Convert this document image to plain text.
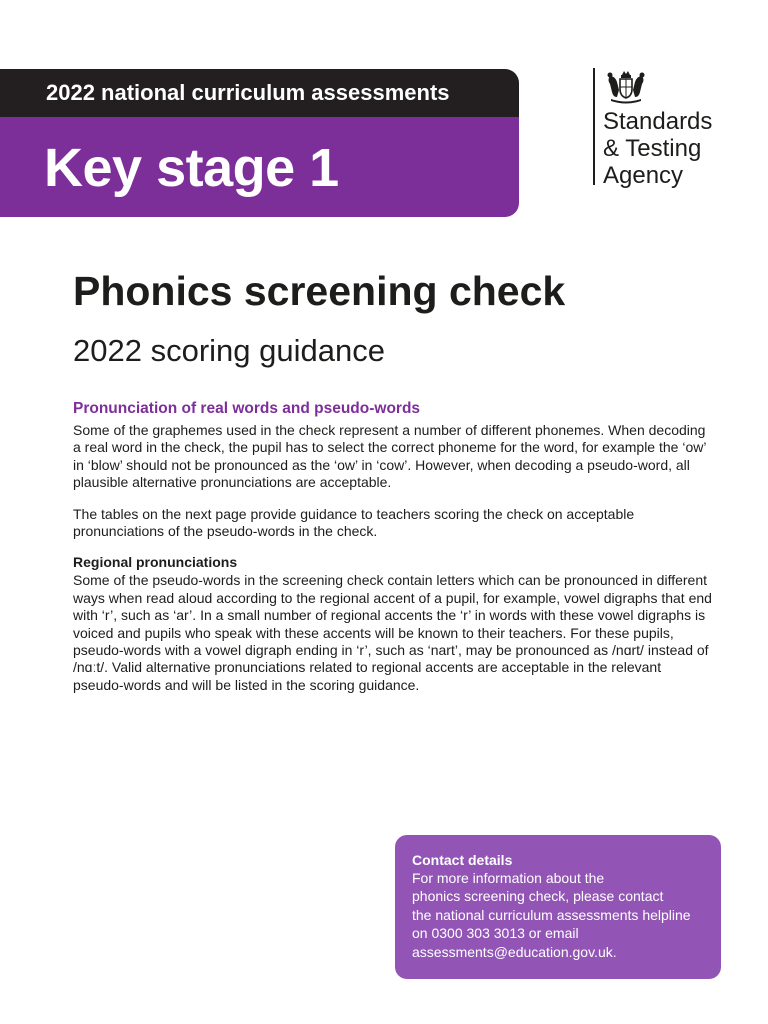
2022 national curriculum assessments
Key stage 1
Standards
& Testing
Agency
Phonics screening check
2022 scoring guidance
Pronunciation of real words and pseudo-words

Some of the graphemes used in the check represent a number of different phonemes. When decoding a real word in the check, the pupil has to select the correct phoneme for the word, for example the ‘ow’ in ‘blow’ should not be pronounced as the ‘ow’ in ‘cow’. However, when decoding a pseudo-word, all plausible alternative pronunciations are acceptable.

The tables on the next page provide guidance to teachers scoring the check on acceptable pronunciations of the pseudo-words in the check.

Regional pronunciations

Some of the pseudo-words in the screening check contain letters which can be pronounced in different ways when read aloud according to the regional accent of a pupil, for example, vowel digraphs that end with ‘r’, such as ‘ar’. In a small number of regional accents the ‘r’ in words with these vowel digraphs is voiced and pupils who speak with these accents will be known to their teachers. For these pupils, pseudo-words with a vowel digraph ending in ‘r’, such as ‘nart’, may be pronounced as /nɑrt/ instead of /nɑːt/. Valid alternative pronunciations related to regional accents are acceptable in the relevant pseudo-words and will be listed in the scoring guidance.

Contact details
For more information about the
phonics screening check, please contact
the national curriculum assessments helpline
on 0300 303 3013 or email
assessments@education.gov.uk.
